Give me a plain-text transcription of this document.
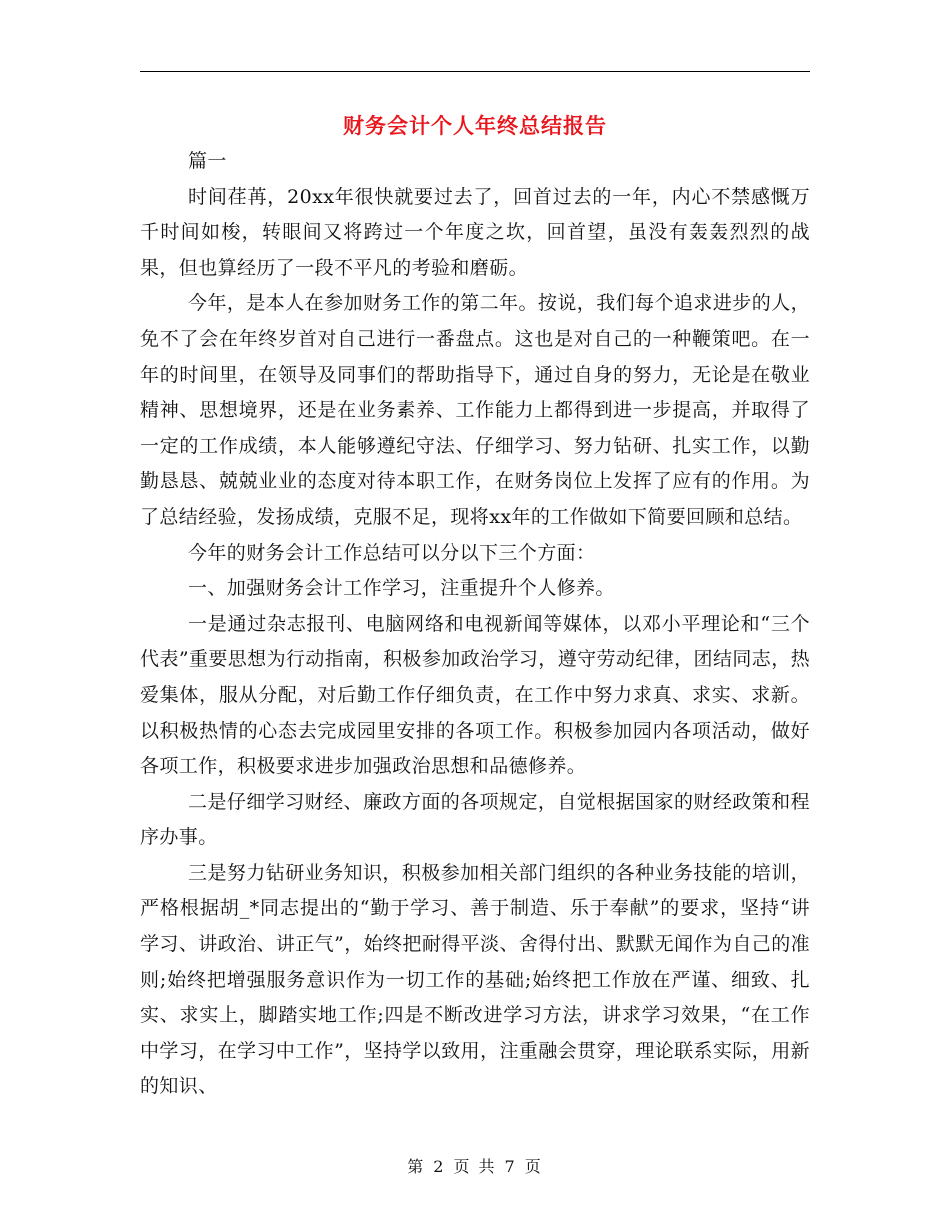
财务会计个人年终总结报告

篇一

时间荏苒，20xx年很快就要过去了，回首过去的一年，内心不禁感慨万千时间如梭，转眼间又将跨过一个年度之坎，回首望，虽没有轰轰烈烈的战果，但也算经历了一段不平凡的考验和磨砺。

今年，是本人在参加财务工作的第二年。按说，我们每个追求进步的人，免不了会在年终岁首对自己进行一番盘点。这也是对自己的一种鞭策吧。在一年的时间里，在领导及同事们的帮助指导下，通过自身的努力，无论是在敬业精神、思想境界，还是在业务素养、工作能力上都得到进一步提高，并取得了一定的工作成绩，本人能够遵纪守法、仔细学习、努力钻研、扎实工作，以勤勤恳恳、兢兢业业的态度对待本职工作，在财务岗位上发挥了应有的作用。为了总结经验，发扬成绩，克服不足，现将xx年的工作做如下简要回顾和总结。

今年的财务会计工作总结可以分以下三个方面：

一、加强财务会计工作学习，注重提升个人修养。

一是通过杂志报刊、电脑网络和电视新闻等媒体，以邓小平理论和“三个代表”重要思想为行动指南，积极参加政治学习，遵守劳动纪律，团结同志，热爱集体，服从分配，对后勤工作仔细负责，在工作中努力求真、求实、求新。以积极热情的心态去完成园里安排的各项工作。积极参加园内各项活动，做好各项工作，积极要求进步加强政治思想和品德修养。

二是仔细学习财经、廉政方面的各项规定，自觉根据国家的财经政策和程序办事。

三是努力钻研业务知识，积极参加相关部门组织的各种业务技能的培训，严格根据胡_*同志提出的“勤于学习、善于制造、乐于奉献”的要求，坚持“讲学习、讲政治、讲正气”，始终把耐得平淡、舍得付出、默默无闻作为自己的准则;始终把增强服务意识作为一切工作的基础;始终把工作放在严谨、细致、扎实、求实上，脚踏实地工作;四是不断改进学习方法，讲求学习效果，“在工作中学习，在学习中工作”，坚持学以致用，注重融会贯穿，理论联系实际，用新的知识、

第 2 页 共 7 页
